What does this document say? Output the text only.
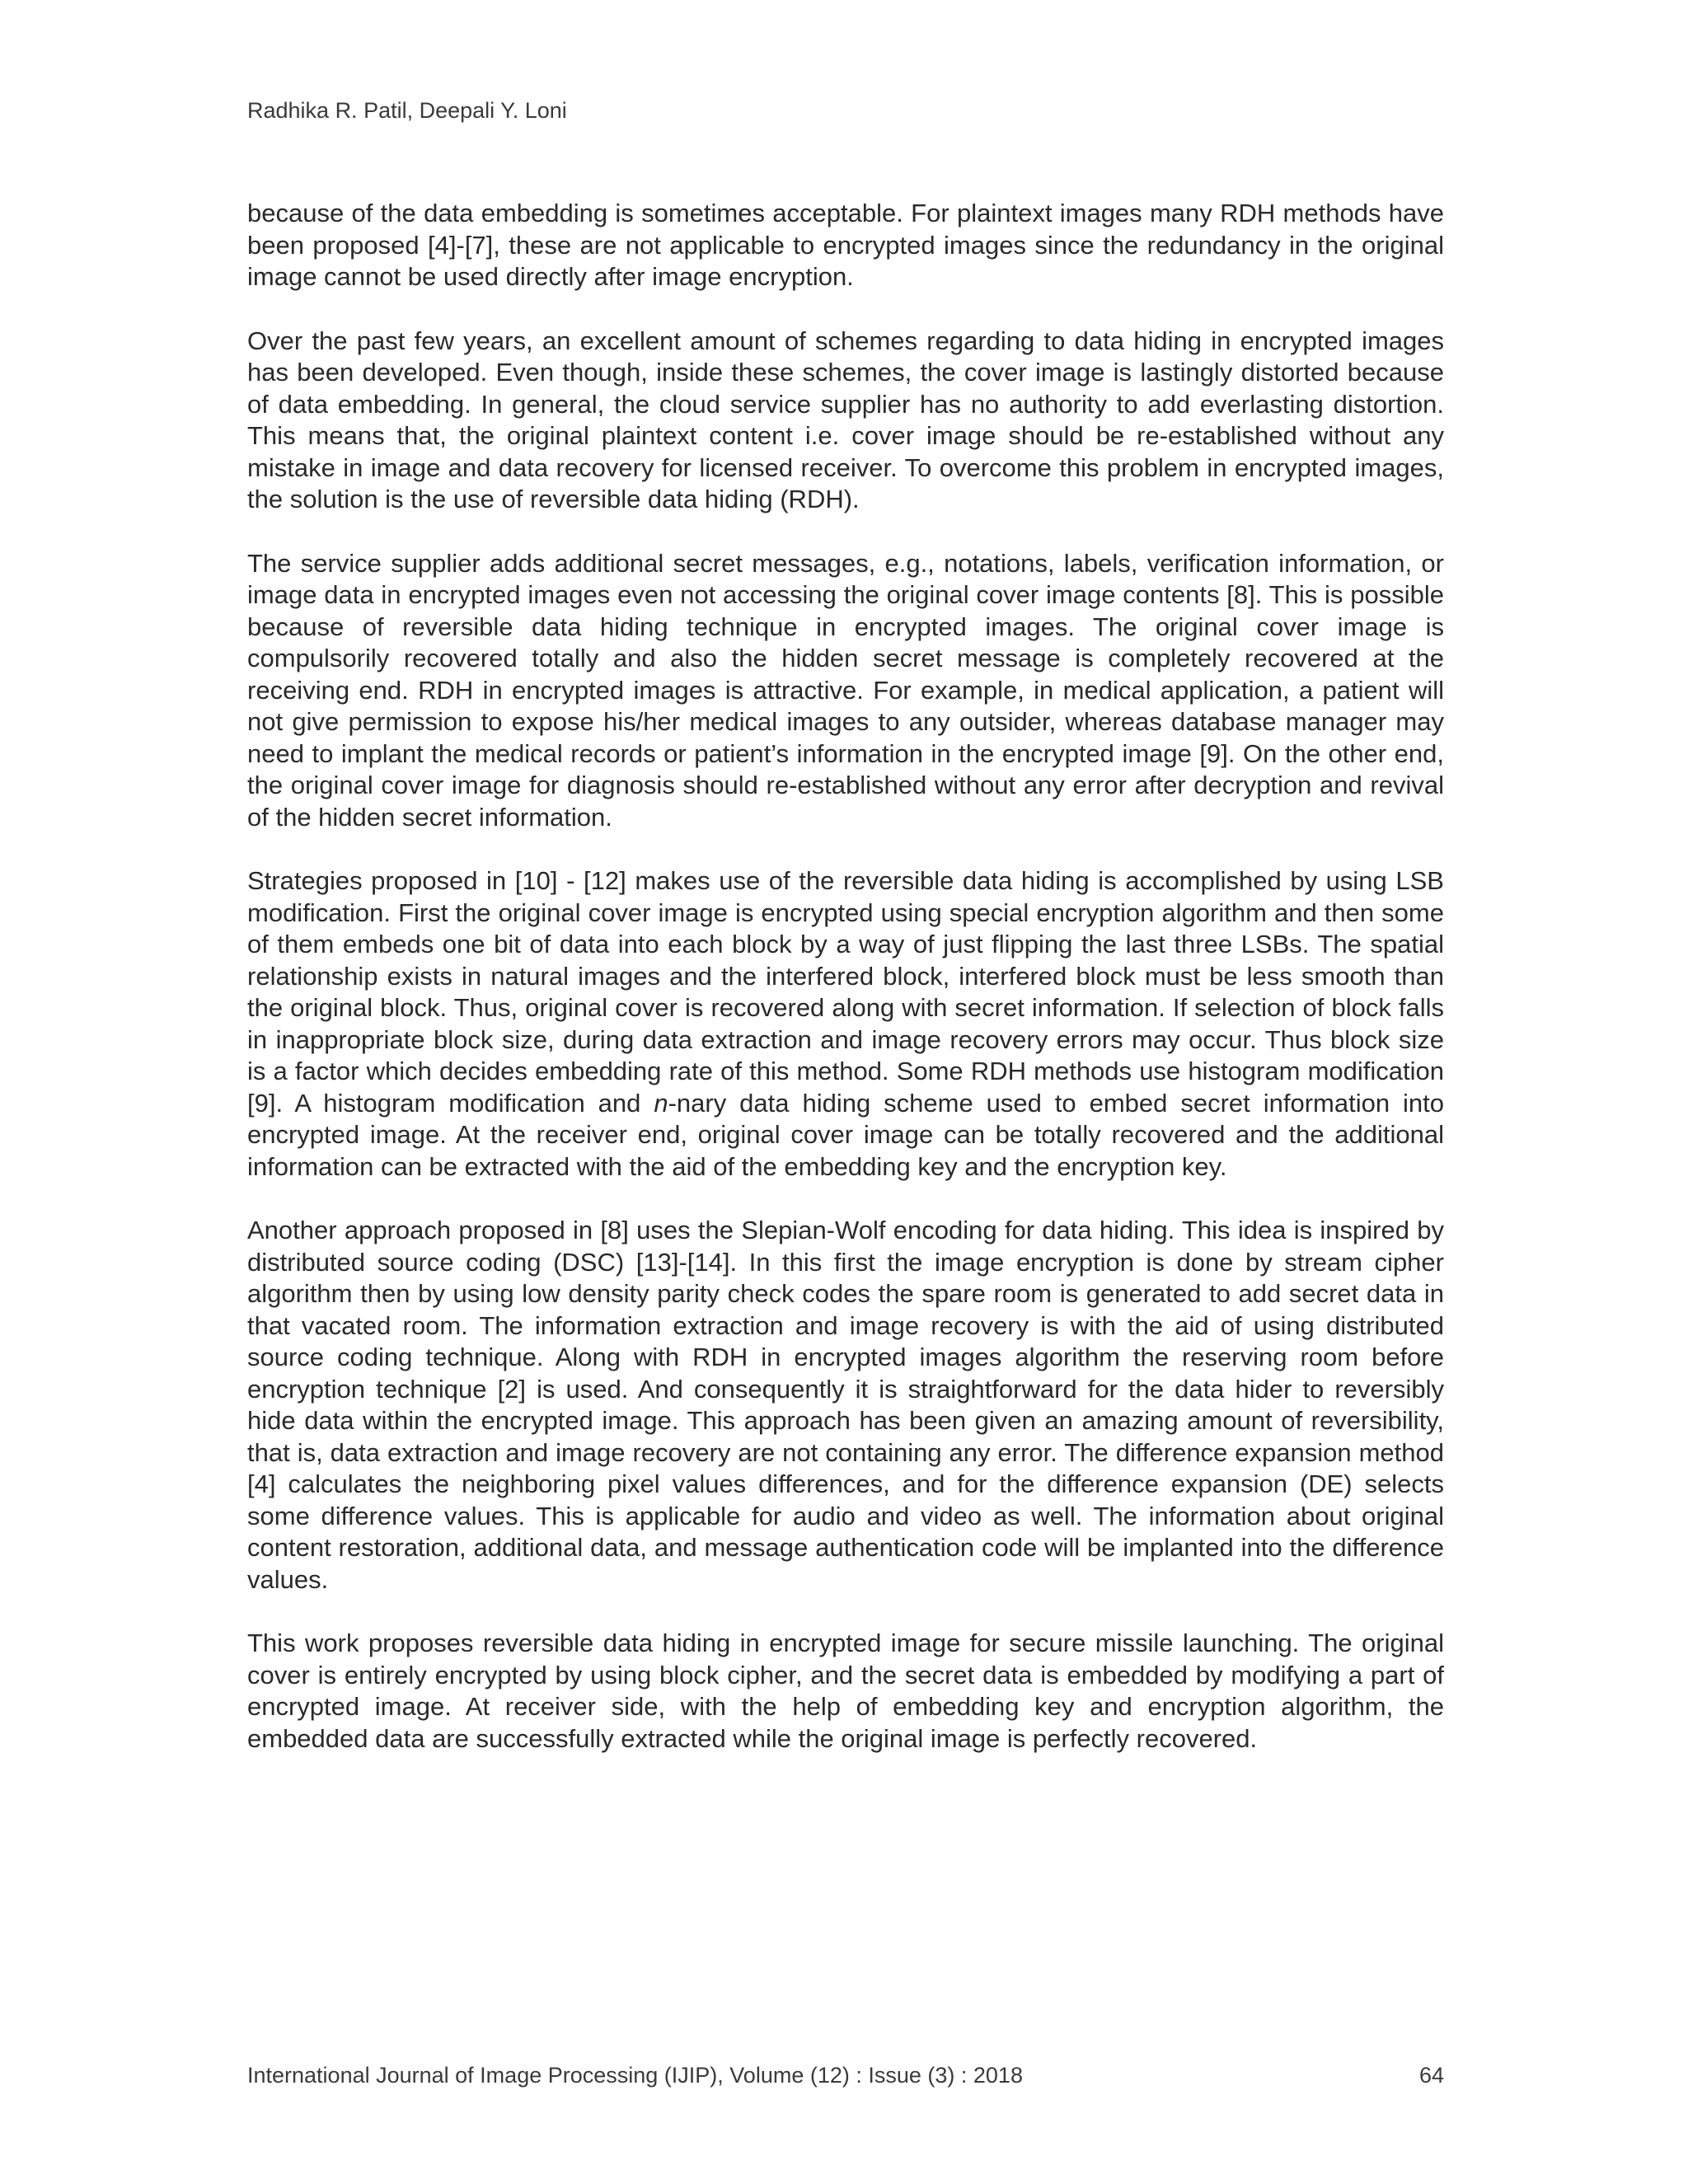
Radhika R. Patil, Deepali Y. Loni

because of the data embedding is sometimes acceptable. For plaintext images many RDH methods have been proposed [4]-[7], these are not applicable to encrypted images since the redundancy in the original image cannot be used directly after image encryption.

Over the past few years, an excellent amount of schemes regarding to data hiding in encrypted images has been developed. Even though, inside these schemes, the cover image is lastingly distorted because of data embedding. In general, the cloud service supplier has no authority to add everlasting distortion. This means that, the original plaintext content i.e. cover image should be re-established without any mistake in image and data recovery for licensed receiver. To overcome this problem in encrypted images, the solution is the use of reversible data hiding (RDH).

The service supplier adds additional secret messages, e.g., notations, labels, verification information, or image data in encrypted images even not accessing the original cover image contents [8]. This is possible because of reversible data hiding technique in encrypted images. The original cover image is compulsorily recovered totally and also the hidden secret message is completely recovered at the receiving end. RDH in encrypted images is attractive. For example, in medical application, a patient will not give permission to expose his/her medical images to any outsider, whereas database manager may need to implant the medical records or patient’s information in the encrypted image [9]. On the other end, the original cover image for diagnosis should re-established without any error after decryption and revival of the hidden secret information.

Strategies proposed in [10] - [12] makes use of the reversible data hiding is accomplished by using LSB modification. First the original cover image is encrypted using special encryption algorithm and then some of them embeds one bit of data into each block by a way of just flipping the last three LSBs. The spatial relationship exists in natural images and the interfered block, interfered block must be less smooth than the original block. Thus, original cover is recovered along with secret information. If selection of block falls in inappropriate block size, during data extraction and image recovery errors may occur. Thus block size is a factor which decides embedding rate of this method. Some RDH methods use histogram modification [9]. A histogram modification and n-nary data hiding scheme used to embed secret information into encrypted image. At the receiver end, original cover image can be totally recovered and the additional information can be extracted with the aid of the embedding key and the encryption key.

Another approach proposed in [8] uses the Slepian-Wolf encoding for data hiding. This idea is inspired by distributed source coding (DSC) [13]-[14]. In this first the image encryption is done by stream cipher algorithm then by using low density parity check codes the spare room is generated to add secret data in that vacated room. The information extraction and image recovery is with the aid of using distributed source coding technique. Along with RDH in encrypted images algorithm the reserving room before encryption technique [2] is used. And consequently it is straightforward for the data hider to reversibly hide data within the encrypted image. This approach has been given an amazing amount of reversibility, that is, data extraction and image recovery are not containing any error. The difference expansion method [4] calculates the neighboring pixel values differences, and for the difference expansion (DE) selects some difference values. This is applicable for audio and video as well. The information about original content restoration, additional data, and message authentication code will be implanted into the difference values.

This work proposes reversible data hiding in encrypted image for secure missile launching. The original cover is entirely encrypted by using block cipher, and the secret data is embedded by modifying a part of encrypted image. At receiver side, with the help of embedding key and encryption algorithm, the embedded data are successfully extracted while the original image is perfectly recovered.

International Journal of Image Processing (IJIP), Volume (12) : Issue (3) : 2018	64
